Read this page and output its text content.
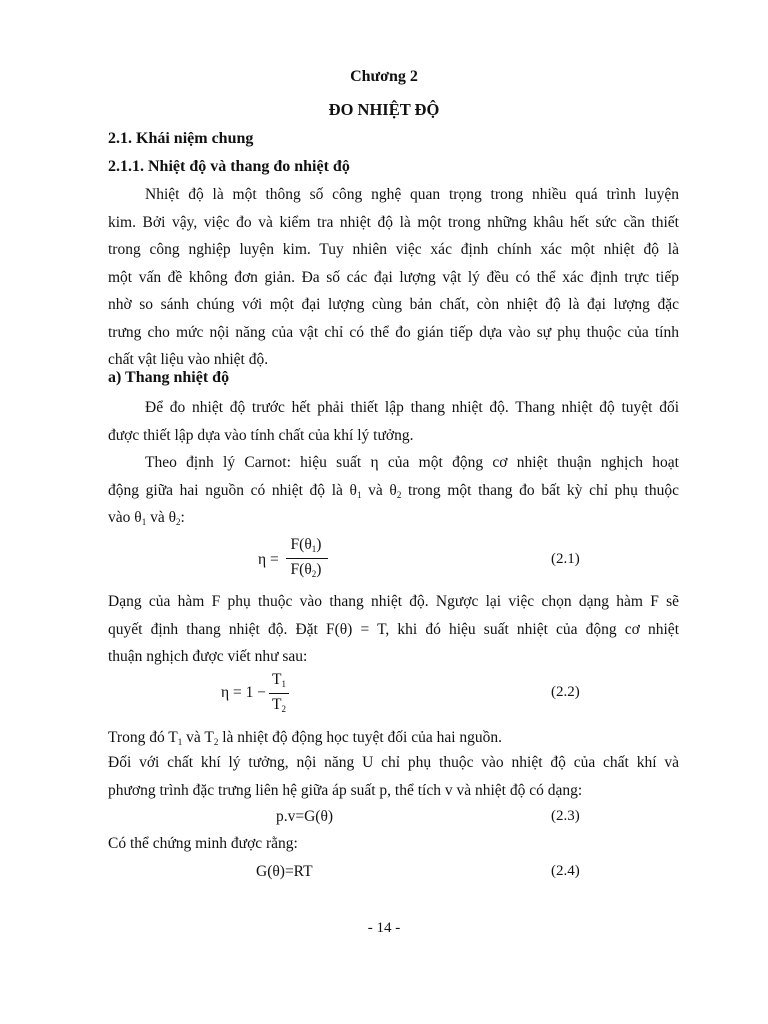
Chương 2
ĐO NHIỆT ĐỘ
2.1. Khái niệm chung
2.1.1. Nhiệt độ và thang đo nhiệt độ
Nhiệt độ là một thông số công nghệ quan trọng trong nhiều quá trình luyện
kim. Bởi vậy, việc đo và kiểm tra nhiệt độ là một trong những khâu hết sức cần thiết
trong công nghiệp luyện kim. Tuy nhiên việc xác định chính xác một nhiệt độ là
một vấn đề không đơn giản. Đa số các đại lượng vật lý đều có thể xác định trực tiếp
nhờ so sánh chúng với một đại lượng cùng bản chất, còn nhiệt độ là đại lượng đặc
trưng cho mức nội năng của vật chỉ có thể đo gián tiếp dựa vào sự phụ thuộc của tính
chất vật liệu vào nhiệt độ.
a) Thang nhiệt độ
Để đo nhiệt độ trước hết phải thiết lập thang nhiệt độ. Thang nhiệt độ tuyệt đối
được thiết lập dựa vào tính chất của khí lý tưởng.
Theo định lý Carnot: hiệu suất η của một động cơ nhiệt thuận nghịch hoạt
động giữa hai nguồn có nhiệt độ là $\theta_1$ và $\theta_2$ trong một thang đo bất kỳ chỉ phụ thuộc
vào $\theta_1$ và $\theta_2$:
η =
$F(\theta_1)$
$F(\theta_2)$
(2.1)
Dạng của hàm F phụ thuộc vào thang nhiệt độ. Ngược lại việc chọn dạng hàm F sẽ
quyết định thang nhiệt độ. Đặt F(θ) = T, khi đó hiệu suất nhiệt của động cơ nhiệt
thuận nghịch được viết như sau:
η = 1 −
$T_1$
$T_2$
(2.2)
Trong đó $T_1$ và $T_2$ là nhiệt độ động học tuyệt đối của hai nguồn.
Đối với chất khí lý tưởng, nội năng U chỉ phụ thuộc vào nhiệt độ của chất khí và
phương trình đặc trưng liên hệ giữa áp suất p, thể tích v và nhiệt độ có dạng:
p.v=G(θ)	(2.3)
Có thể chứng minh được rằng:
G(θ)=RT	(2.4)
- 14 -
